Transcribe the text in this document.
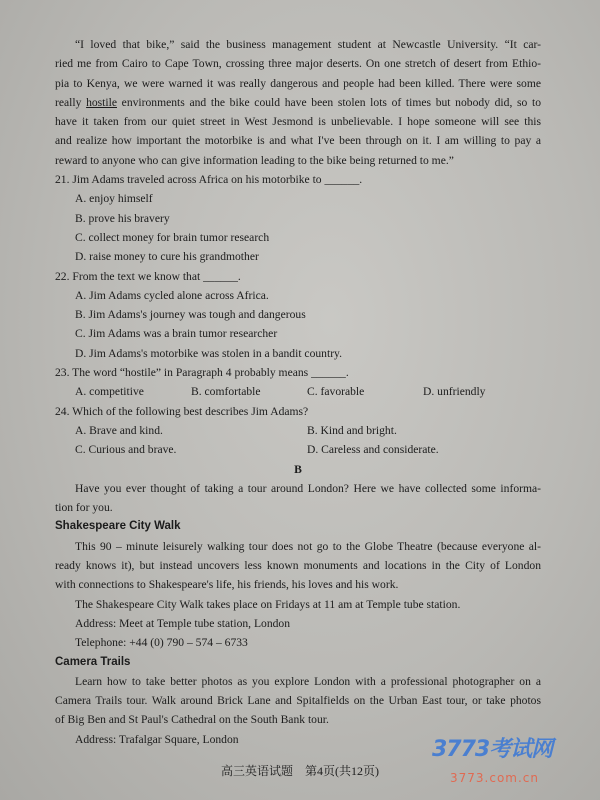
“I loved that bike,” said the business management student at Newcastle University. “It car-
ried me from Cairo to Cape Town, crossing three major deserts. On one stretch of desert from Ethio-
pia to Kenya, we were warned it was really dangerous and people had been killed. There were some
really hostile environments and the bike could have been stolen lots of times but nobody did, so to
have it taken from our quiet street in West Jesmond is unbelievable. I hope someone will see this
and realize how important the motorbike is and what I've been through on it. I am willing to pay a
reward to anyone who can give information leading to the bike being returned to me.”
21. Jim Adams traveled across Africa on his motorbike to ______.
A. enjoy himself
B. prove his bravery
C. collect money for brain tumor research
D. raise money to cure his grandmother
22. From the text we know that ______.
A. Jim Adams cycled alone across Africa.
B. Jim Adams's journey was tough and dangerous
C. Jim Adams was a brain tumor researcher
D. Jim Adams's motorbike was stolen in a bandit country.
23. The word “hostile” in Paragraph 4 probably means ______.
A. competitive	B. comfortable	C. favorable	D. unfriendly
24. Which of the following best describes Jim Adams?
A. Brave and kind.	B. Kind and bright.
C. Curious and brave.	D. Careless and considerate.
B
Have you ever thought of taking a tour around London? Here we have collected some informa-
tion for you.
Shakespeare City Walk
This 90 – minute leisurely walking tour does not go to the Globe Theatre (because everyone al-
ready knows it), but instead uncovers less known monuments and locations in the City of London
with connections to Shakespeare's life, his friends, his loves and his work.
The Shakespeare City Walk takes place on Fridays at 11 am at Temple tube station.
Address: Meet at Temple tube station, London
Telephone: +44 (0) 790 – 574 – 6733
Camera Trails
Learn how to take better photos as you explore London with a professional photographer on a
Camera Trails tour. Walk around Brick Lane and Spitalfields on the Urban East tour, or take photos
of Big Ben and St Paul's Cathedral on the South Bank tour.
Address: Trafalgar Square, London
高三英语试题　第4页(共12页)
3773考试网
3773.com.cn
